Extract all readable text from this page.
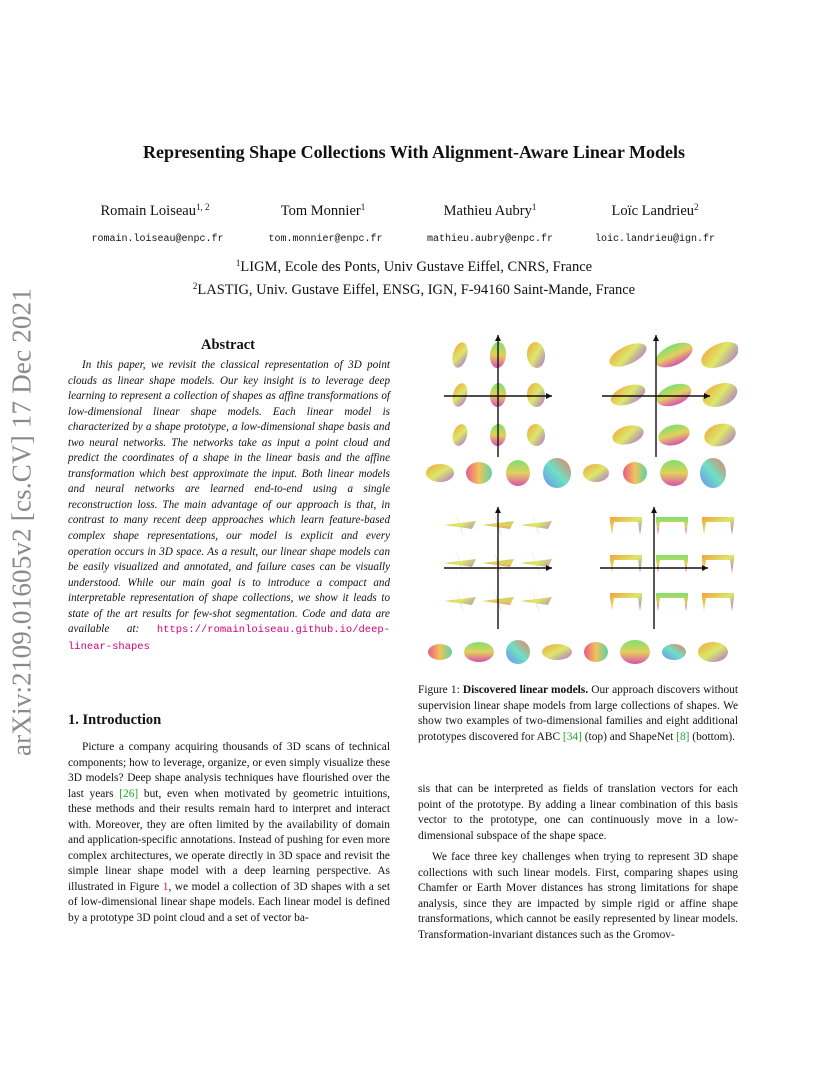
arXiv:2109.01605v2 [cs.CV] 17 Dec 2021
Representing Shape Collections With Alignment-Aware Linear Models
Romain Loiseau$^{1, 2}$	Tom Monnier$^1$	Mathieu Aubry$^1$	Loïc Landrieu$^2$
romain.loiseau@enpc.fr	tom.monnier@enpc.fr	mathieu.aubry@enpc.fr	loic.landrieu@ign.fr
$^1$LIGM, Ecole des Ponts, Univ Gustave Eiffel, CNRS, France
$^2$LASTIG, Univ. Gustave Eiffel, ENSG, IGN, F-94160 Saint-Mande, France
Abstract
In this paper, we revisit the classical representation of 3D point clouds as linear shape models. Our key insight is to leverage deep learning to represent a collection of shapes as affine transformations of low-dimensional linear shape models. Each linear model is characterized by a shape prototype, a low-dimensional shape basis and two neural networks. The networks take as input a point cloud and predict the coordinates of a shape in the linear basis and the affine transformation which best approximate the input. Both linear models and neural networks are learned end-to-end using a single reconstruction loss. The main advantage of our approach is that, in contrast to many recent deep approaches which learn feature-based complex shape representations, our model is explicit and every operation occurs in 3D space. As a result, our linear shape models can be easily visualized and annotated, and failure cases can be visually understood. While our main goal is to introduce a compact and interpretable representation of shape collections, we show it leads to state of the art results for few-shot segmentation. Code and data are available at: https://romainloiseau.github.io/deep-linear-shapes
1. Introduction
Picture a company acquiring thousands of 3D scans of technical components; how to leverage, organize, or even simply visualize these 3D models? Deep shape analysis techniques have flourished over the last years [26] but, even when motivated by geometric intuitions, these methods and their results remain hard to interpret and interact with. Moreover, they are often limited by the availability of domain and application-specific annotations. Instead of pushing for even more complex architectures, we operate directly in 3D space and revisit the simple linear shape model with a deep learning perspective. As illustrated in Figure 1, we model a collection of 3D shapes with a set of low-dimensional linear shape models. Each linear model is defined by a prototype 3D point cloud and a set of vector ba-
Figure 1: Discovered linear models. Our approach discovers without supervision linear shape models from large collections of shapes. We show two examples of two-dimensional families and eight additional prototypes discovered for ABC [34] (top) and ShapeNet [8] (bottom).

sis that can be interpreted as fields of translation vectors for each point of the prototype. By adding a linear combination of this basis vector to the prototype, one can continuously move in a low-dimensional subspace of the shape space.

We face three key challenges when trying to represent 3D shape collections with such linear models. First, comparing shapes using Chamfer or Earth Mover distances has strong limitations for shape analysis, since they are impacted by simple rigid or affine shape transformations, which cannot be easily represented by linear models. Transformation-invariant distances such as the Gromov-
